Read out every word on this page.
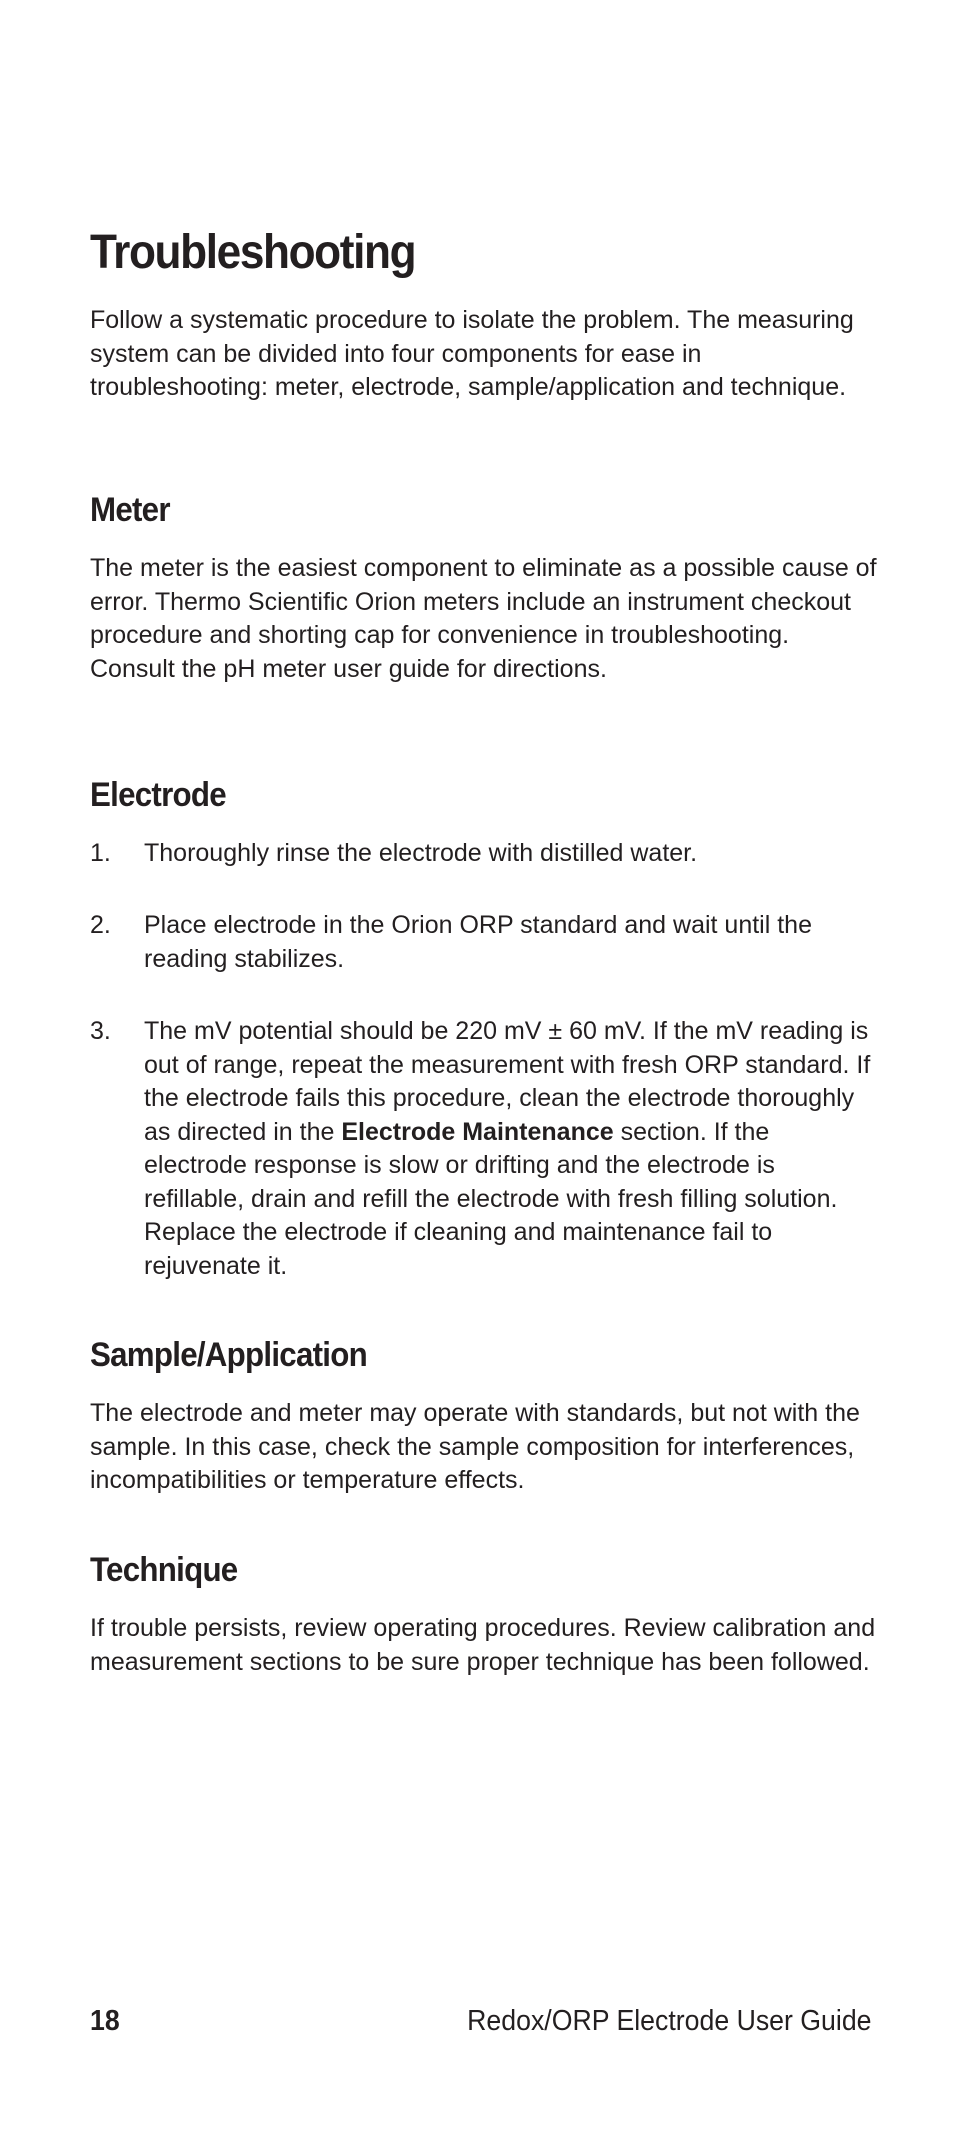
Troubleshooting

Follow a systematic procedure to isolate the problem. The measuring system can be divided into four components for ease in troubleshooting: meter, electrode, sample/application and technique.

Meter

The meter is the easiest component to eliminate as a possible cause of error. Thermo Scientific Orion meters include an instrument checkout procedure and shorting cap for convenience in troubleshooting. Consult the pH meter user guide for directions.

Electrode
1. Thoroughly rinse the electrode with distilled water.
2. Place electrode in the Orion ORP standard and wait until the reading stabilizes.
3. The mV potential should be 220 mV ± 60 mV. If the mV reading is out of range, repeat the measurement with fresh ORP standard. If the electrode fails this procedure, clean the electrode thoroughly as directed in the Electrode Maintenance section. If the electrode response is slow or drifting and the electrode is refillable, drain and refill the electrode with fresh filling solution. Replace the electrode if cleaning and maintenance fail to rejuvenate it.
Sample/Application

The electrode and meter may operate with standards, but not with the sample. In this case, check the sample composition for interferences, incompatibilities or temperature effects.

Technique

If trouble persists, review operating procedures. Review calibration and measurement sections to be sure proper technique has been followed.

18	Redox/ORP Electrode User Guide
